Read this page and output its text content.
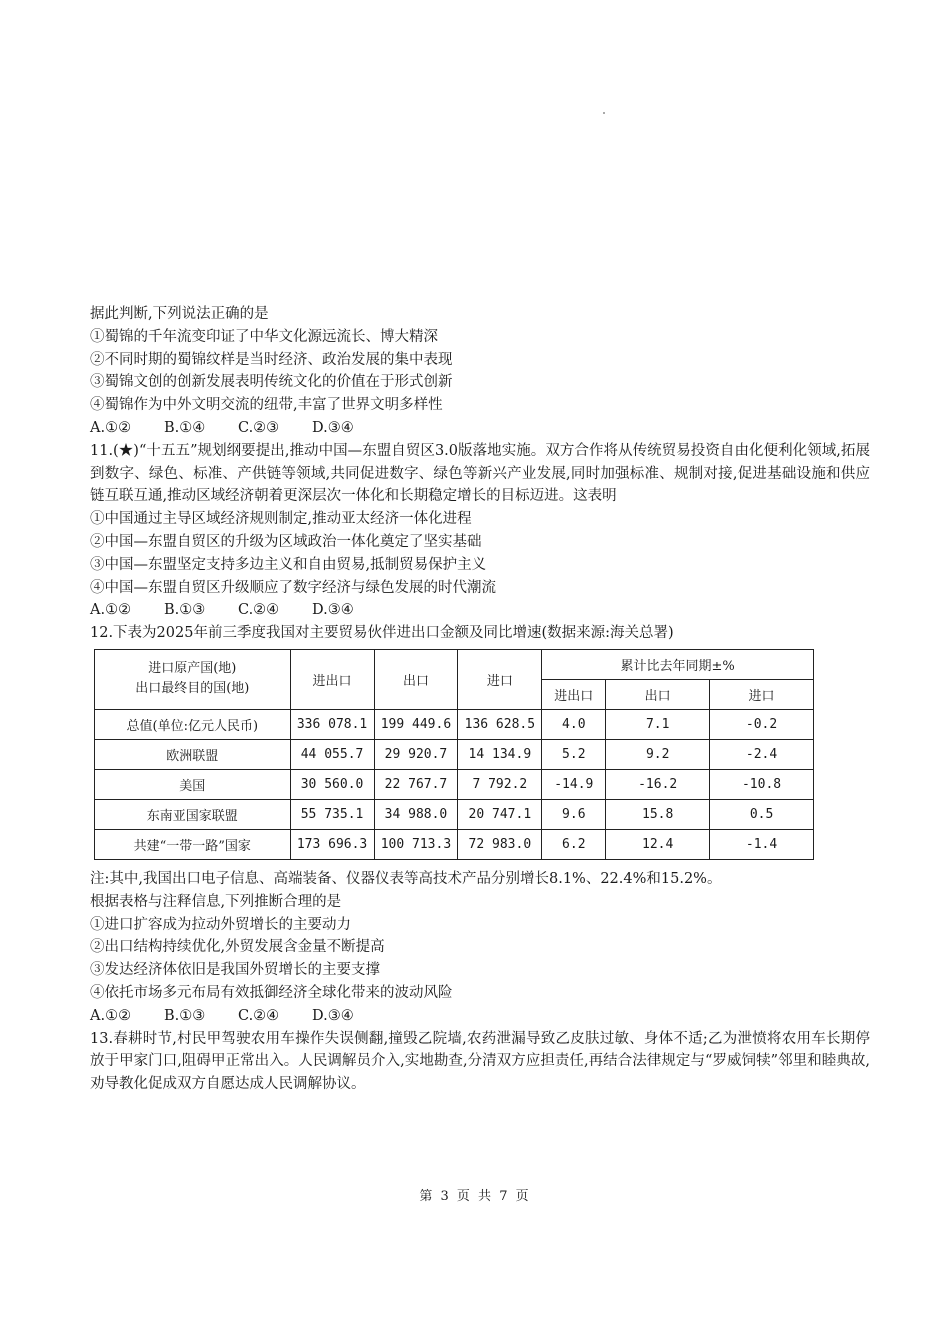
据此判断,下列说法正确的是
①蜀锦的千年流变印证了中华文化源远流长、博大精深
②不同时期的蜀锦纹样是当时经济、政治发展的集中表现
③蜀锦文创的创新发展表明传统文化的价值在于形式创新
④蜀锦作为中外文明交流的纽带,丰富了世界文明多样性
A.①②	B.①④	C.②③	D.③④
11.(★)“十五五”规划纲要提出,推动中国—东盟自贸区3.0版落地实施。双方合作将从传统贸易投资自由化便利化领域,拓展到数字、绿色、标准、产供链等领域,共同促进数字、绿色等新兴产业发展,同时加强标准、规制对接,促进基础设施和供应链互联互通,推动区域经济朝着更深层次一体化和长期稳定增长的目标迈进。这表明
①中国通过主导区域经济规则制定,推动亚太经济一体化进程
②中国—东盟自贸区的升级为区域政治一体化奠定了坚实基础
③中国—东盟坚定支持多边主义和自由贸易,抵制贸易保护主义
④中国—东盟自贸区升级顺应了数字经济与绿色发展的时代潮流
A.①②	B.①③	C.②④	D.③④
12.下表为2025年前三季度我国对主要贸易伙伴进出口金额及同比增速(数据来源:海关总署)
进口原产国(地)
出口最终目的国(地)	进出口	出口	进口	累计比去年同期±%		
				进出口	出口	进口
总值(单位:亿元人民币)	336 078.1	199 449.6	136 628.5	4.0	7.1	-0.2
欧洲联盟	44 055.7	29 920.7	14 134.9	5.2	9.2	-2.4
美国	30 560.0	22 767.7	7 792.2	-14.9	-16.2	-10.8
东南亚国家联盟	55 735.1	34 988.0	20 747.1	9.6	15.8	0.5
共建“一带一路”国家	173 696.3	100 713.3	72 983.0	6.2	12.4	-1.4
注:其中,我国出口电子信息、高端装备、仪器仪表等高技术产品分别增长8.1%、22.4%和15.2%。
根据表格与注释信息,下列推断合理的是
①进口扩容成为拉动外贸增长的主要动力
②出口结构持续优化,外贸发展含金量不断提高
③发达经济体依旧是我国外贸增长的主要支撑
④依托市场多元布局有效抵御经济全球化带来的波动风险
A.①②	B.①③	C.②④	D.③④
13.春耕时节,村民甲驾驶农用车操作失误侧翻,撞毁乙院墙,农药泄漏导致乙皮肤过敏、身体不适;乙为泄愤将农用车长期停放于甲家门口,阻碍甲正常出入。人民调解员介入,实地勘查,分清双方应担责任,再结合法律规定与“罗威饲犊”邻里和睦典故,劝导教化促成双方自愿达成人民调解协议。
第 3 页 共 7 页
